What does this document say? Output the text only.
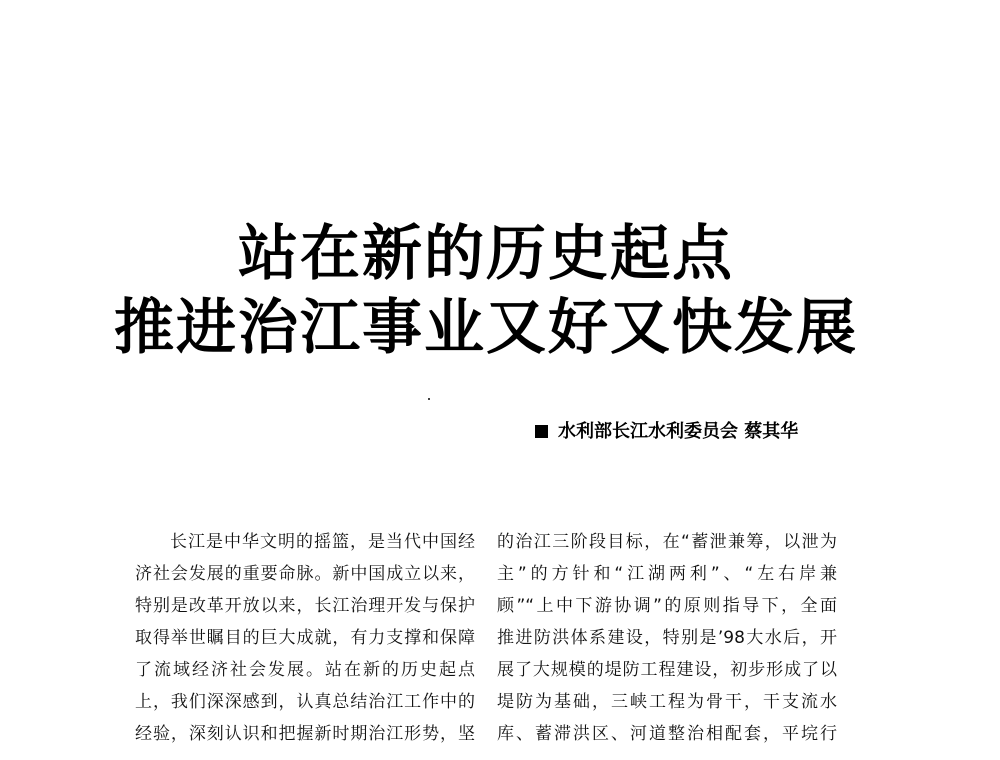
站在新的历史起点
推进治江事业又好又快发展
水利部长江水利委员会 蔡其华
长江是中华文明的摇篮，是当代中国经
济社会发展的重要命脉。新中国成立以来，
特别是改革开放以来，长江治理开发与保护
取得举世瞩目的巨大成就，有力支撑和保障
了流域经济社会发展。站在新的历史起点
上，我们深深感到，认真总结治江工作中的
经验，深刻认识和把握新时期治江形势，坚
的治江三阶段目标，在“蓄泄兼筹，以泄为
主”的方针和“江湖两利”、“左右岸兼
顾”“上中下游协调”的原则指导下，全面
推进防洪体系建设，特别是’98大水后，开
展了大规模的堤防工程建设，初步形成了以
堤防为基础，三峡工程为骨干，干支流水
库、蓄滞洪区、河道整治相配套，平垸行
